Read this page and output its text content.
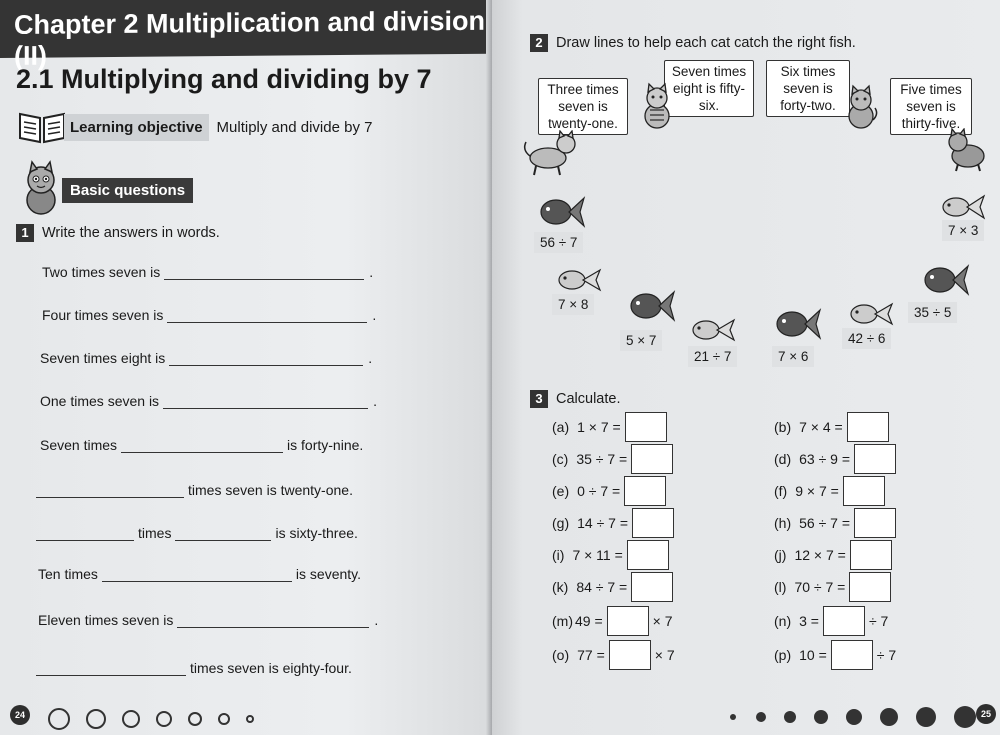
Chapter 2 Multiplication and division (II)
2.1 Multiplying and dividing by 7
Learning objective Multiply and divide by 7
Basic questions
1 Write the answers in words.
Two times seven is	.
Four times seven is	.
Seven times eight is	.
One times seven is	.
Seven times	is forty-nine.
times seven is twenty-one.
times	is sixty-three.
Ten times	is seventy.
Eleven times seven is	.
times seven is eighty-four.
24
2 Draw lines to help each cat catch the right fish.
Three times seven is twenty-one.
Seven times eight is fifty-six.
Six times seven is forty-two.
Five times seven is thirty-five.
56 ÷ 7
7 × 3
7 × 8
35 ÷ 5
5 × 7
21 ÷ 7	7 × 6
42 ÷ 6
3 Calculate.
(a) 1 × 7 =	(b) 7 × 4 =
(c) 35 ÷ 7 =	(d) 63 ÷ 9 =
(e) 0 ÷ 7 =	(f) 9 × 7 =
(g) 14 ÷ 7 =	(h) 56 ÷ 7 =
(i) 7 × 11 =	(j) 12 × 7 =
(k) 84 ÷ 7 =	(l) 70 ÷ 7 =
(m) 49 =	× 7	(n) 3 =	÷ 7
(o) 77 =	× 7	(p) 10 =	÷ 7
25
